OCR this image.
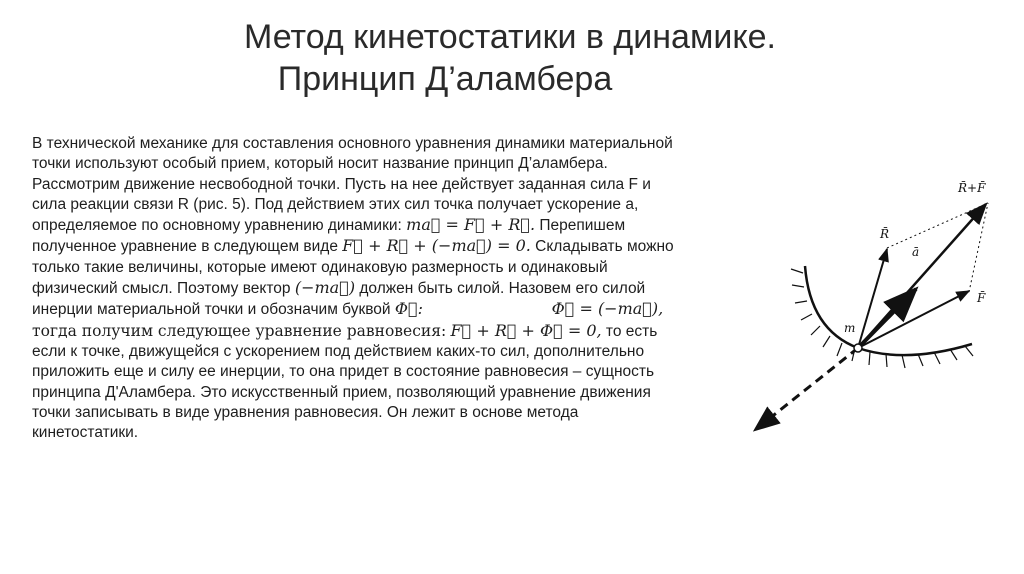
Метод кинетостатики в динамике.
Принцип Д’аламбера

В технической механике для составления основного уравнения динамики материальной точки используют особый прием, который носит название принцип Д’аламбера.

Рассмотрим движение несвободной точки. Пусть на нее действует заданная сила F и сила реакции связи R (рис. 5). Под действием этих сил точка получает ускорение а, определяемое по основному уравнению динамики: ma⃗ = F⃗ + R⃗. Перепишем полученное уравнение в следующем виде F⃗ + R⃗ + (−ma⃗) = 0. Складывать можно только такие величины, которые имеют одинаковую размерность и одинаковый физический смысл. Поэтому вектор (−ma⃗) должен быть силой. Назовем его силой инерции материальной точки и обозначим буквой Φ⃗:	Φ⃗ = (−ma⃗),
тогда получим следующее уравнение равновесия: F⃗ + R⃗ + Φ⃗ = 0, то есть если к точке, движущейся с ускорением под действием каких-то сил, дополнительно приложить еще и силу ее инерции, то она придет в состояние равновесия – сущность принципа Д'Аламбера. Это искусственный прием, позволяющий уравнение движения точки записывать в виде уравнения равновесия. Он лежит в основе метода кинетостатики.

R̄+F̄
R̄
ā
F̄
m
Φ̄
